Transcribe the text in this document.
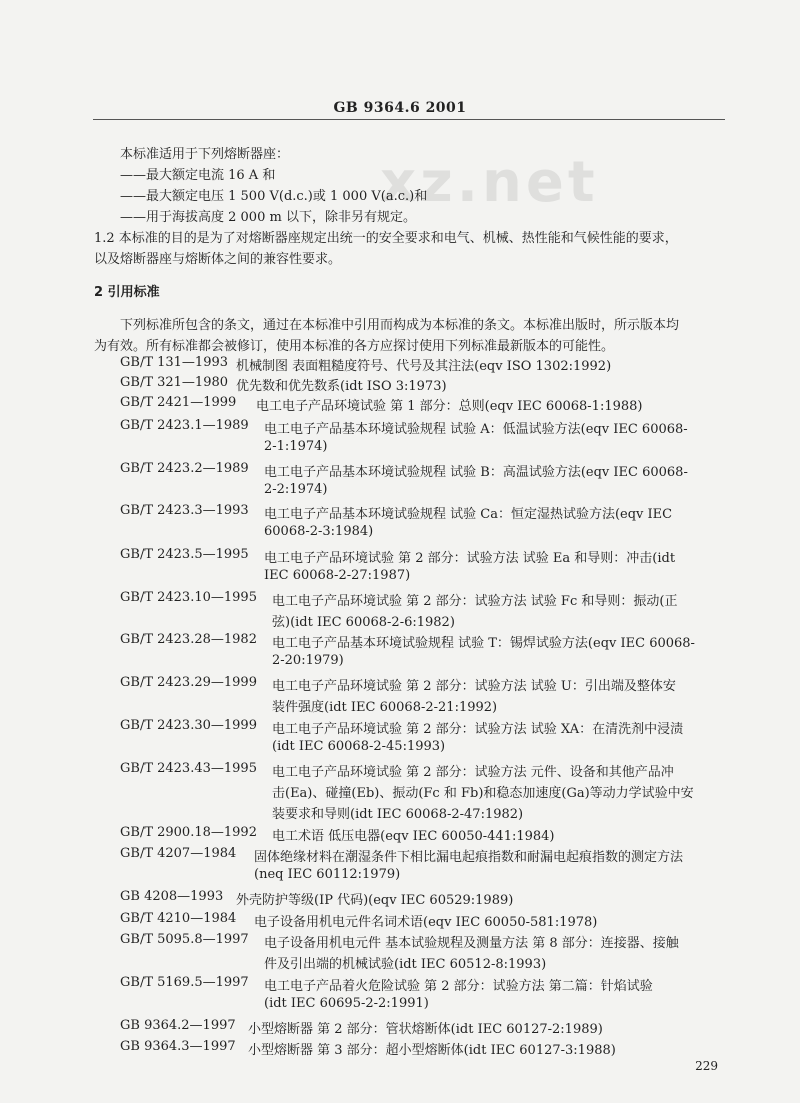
GB 9364.6 2001
xz.net
本标准适用于下列熔断器座：
——最大额定电流 16 A 和
——最大额定电压 1 500 V(d.c.)或 1 000 V(a.c.)和
——用于海拔高度 2 000 m 以下，除非另有规定。
1.2 本标准的目的是为了对熔断器座规定出统一的安全要求和电气、机械、热性能和气候性能的要求，
以及熔断器座与熔断体之间的兼容性要求。
2 引用标准
下列标准所包含的条文，通过在本标准中引用而构成为本标准的条文。本标准出版时，所示版本均
为有效。所有标准都会被修订，使用本标准的各方应探讨使用下列标准最新版本的可能性。
GB/T 131—1993 机械制图 表面粗糙度符号、代号及其注法(eqv ISO 1302:1992)
GB/T 321—1980 优先数和优先数系(idt ISO 3:1973)
GB/T 2421—1999 电工电子产品环境试验 第 1 部分：总则(eqv IEC 60068-1:1988)
GB/T 2423.1—1989 电工电子产品基本环境试验规程 试验 A：低温试验方法(eqv IEC 60068-
2-1:1974)
GB/T 2423.2—1989 电工电子产品基本环境试验规程 试验 B：高温试验方法(eqv IEC 60068-
2-2:1974)
GB/T 2423.3—1993 电工电子产品基本环境试验规程 试验 Ca：恒定湿热试验方法(eqv IEC
60068-2-3:1984)
GB/T 2423.5—1995 电工电子产品环境试验 第 2 部分：试验方法 试验 Ea 和导则：冲击(idt
IEC 60068-2-27:1987)
GB/T 2423.10—1995 电工电子产品环境试验 第 2 部分：试验方法 试验 Fc 和导则：振动(正
弦)(idt IEC 60068-2-6:1982)
GB/T 2423.28—1982 电工电子产品基本环境试验规程 试验 T：锡焊试验方法(eqv IEC 60068-
2-20:1979)
GB/T 2423.29—1999 电工电子产品环境试验 第 2 部分：试验方法 试验 U：引出端及整体安
装件强度(idt IEC 60068-2-21:1992)
GB/T 2423.30—1999 电工电子产品环境试验 第 2 部分：试验方法 试验 XA：在清洗剂中浸渍
(idt IEC 60068-2-45:1993)
GB/T 2423.43—1995 电工电子产品环境试验 第 2 部分：试验方法 元件、设备和其他产品冲
击(Ea)、碰撞(Eb)、振动(Fc 和 Fb)和稳态加速度(Ga)等动力学试验中安
装要求和导则(idt IEC 60068-2-47:1982)
GB/T 2900.18—1992 电工术语 低压电器(eqv IEC 60050-441:1984)
GB/T 4207—1984 固体绝缘材料在潮湿条件下相比漏电起痕指数和耐漏电起痕指数的测定方法
(neq IEC 60112:1979)
GB 4208—1993 外壳防护等级(IP 代码)(eqv IEC 60529:1989)
GB/T 4210—1984 电子设备用机电元件名词术语(eqv IEC 60050-581:1978)
GB/T 5095.8—1997 电子设备用机电元件 基本试验规程及测量方法 第 8 部分：连接器、接触
件及引出端的机械试验(idt IEC 60512-8:1993)
GB/T 5169.5—1997 电工电子产品着火危险试验 第 2 部分：试验方法 第二篇：针焰试验
(idt IEC 60695-2-2:1991)
GB 9364.2—1997 小型熔断器 第 2 部分：管状熔断体(idt IEC 60127-2:1989)
GB 9364.3—1997 小型熔断器 第 3 部分：超小型熔断体(idt IEC 60127-3:1988)
229
